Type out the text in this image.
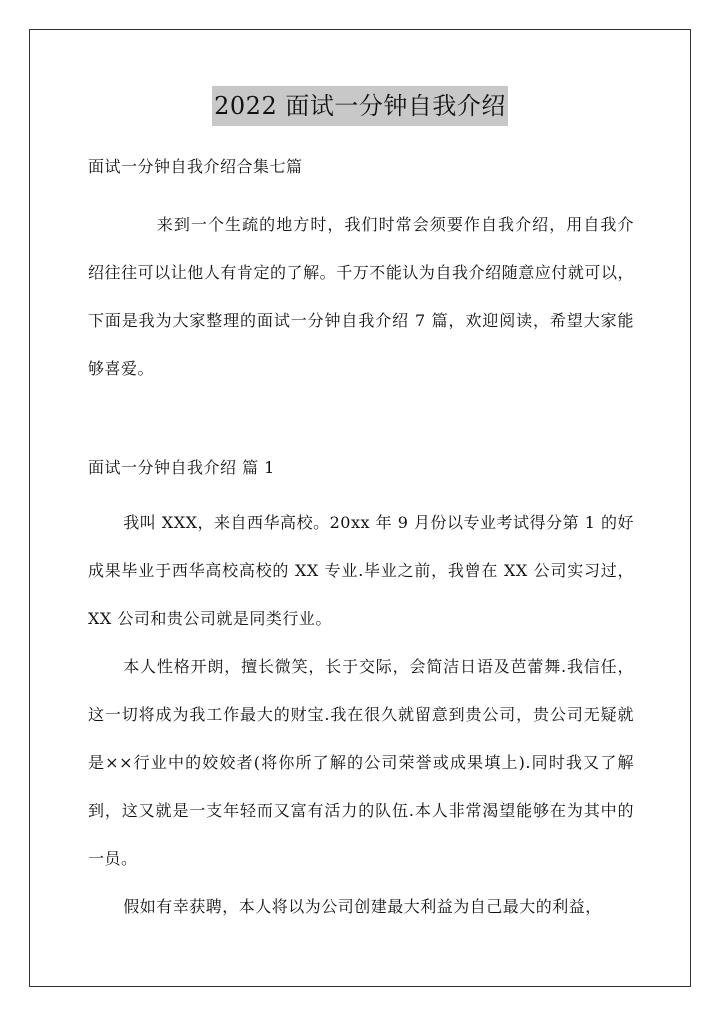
2022 面试一分钟自我介绍

面试一分钟自我介绍合集七篇

来到一个生疏的地方时，我们时常会须要作自我介绍，用自我介绍往往可以让他人有肯定的了解。千万不能认为自我介绍随意应付就可以，下面是我为大家整理的面试一分钟自我介绍 7 篇，欢迎阅读，希望大家能够喜爱。

面试一分钟自我介绍 篇 1

我叫 XXX，来自西华高校。20xx 年 9 月份以专业考试得分第 1 的好成果毕业于西华高校高校的 XX 专业.毕业之前，我曾在 XX 公司实习过，XX 公司和贵公司就是同类行业。

本人性格开朗，擅长微笑，长于交际，会简洁日语及芭蕾舞.我信任，这一切将成为我工作最大的财宝.我在很久就留意到贵公司，贵公司无疑就是××行业中的姣姣者(将你所了解的公司荣誉或成果填上).同时我又了解到，这又就是一支年轻而又富有活力的队伍.本人非常渴望能够在为其中的一员。

假如有幸获聘，本人将以为公司创建最大利益为自己最大的利益，
